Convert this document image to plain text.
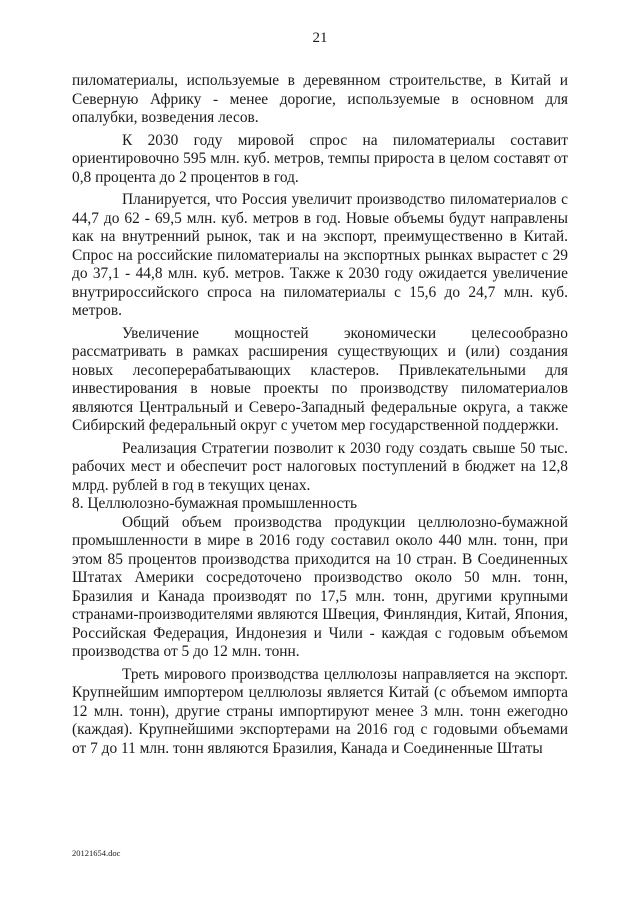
21

пиломатериалы, используемые в деревянном строительстве, в Китай и Северную Африку - менее дорогие, используемые в основном для опалубки, возведения лесов.

К 2030 году мировой спрос на пиломатериалы составит ориентировочно 595 млн. куб. метров, темпы прироста в целом составят от 0,8 процента до 2 процентов в год.

Планируется, что Россия увеличит производство пиломатериалов с 44,7 до 62 - 69,5 млн. куб. метров в год. Новые объемы будут направлены как на внутренний рынок, так и на экспорт, преимущественно в Китай. Спрос на российские пиломатериалы на экспортных рынках вырастет с 29 до 37,1 - 44,8 млн. куб. метров. Также к 2030 году ожидается увеличение внутрироссийского спроса на пиломатериалы с 15,6 до 24,7 млн. куб. метров.

Увеличение мощностей экономически целесообразно рассматривать в рамках расширения существующих и (или) создания новых лесоперерабатывающих кластеров. Привлекательными для инвестирования в новые проекты по производству пиломатериалов являются Центральный и Северо-Западный федеральные округа, а также Сибирский федеральный округ с учетом мер государственной поддержки.

Реализация Стратегии позволит к 2030 году создать свыше 50 тыс. рабочих мест и обеспечит рост налоговых поступлений в бюджет на 12,8 млрд. рублей в год в текущих ценах.

8. Целлюлозно-бумажная промышленность

Общий объем производства продукции целлюлозно-бумажной промышленности в мире в 2016 году составил около 440 млн. тонн, при этом 85 процентов производства приходится на 10 стран. В Соединенных Штатах Америки сосредоточено производство около 50 млн. тонн, Бразилия и Канада производят по 17,5 млн. тонн, другими крупными странами-производителями являются Швеция, Финляндия, Китай, Япония, Российская Федерация, Индонезия и Чили - каждая с годовым объемом производства от 5 до 12 млн. тонн.

Треть мирового производства целлюлозы направляется на экспорт. Крупнейшим импортером целлюлозы является Китай (с объемом импорта 12 млн. тонн), другие страны импортируют менее 3 млн. тонн ежегодно (каждая). Крупнейшими экспортерами на 2016 год с годовыми объемами от 7 до 11 млн. тонн являются Бразилия, Канада и Соединенные Штаты

20121654.doc
